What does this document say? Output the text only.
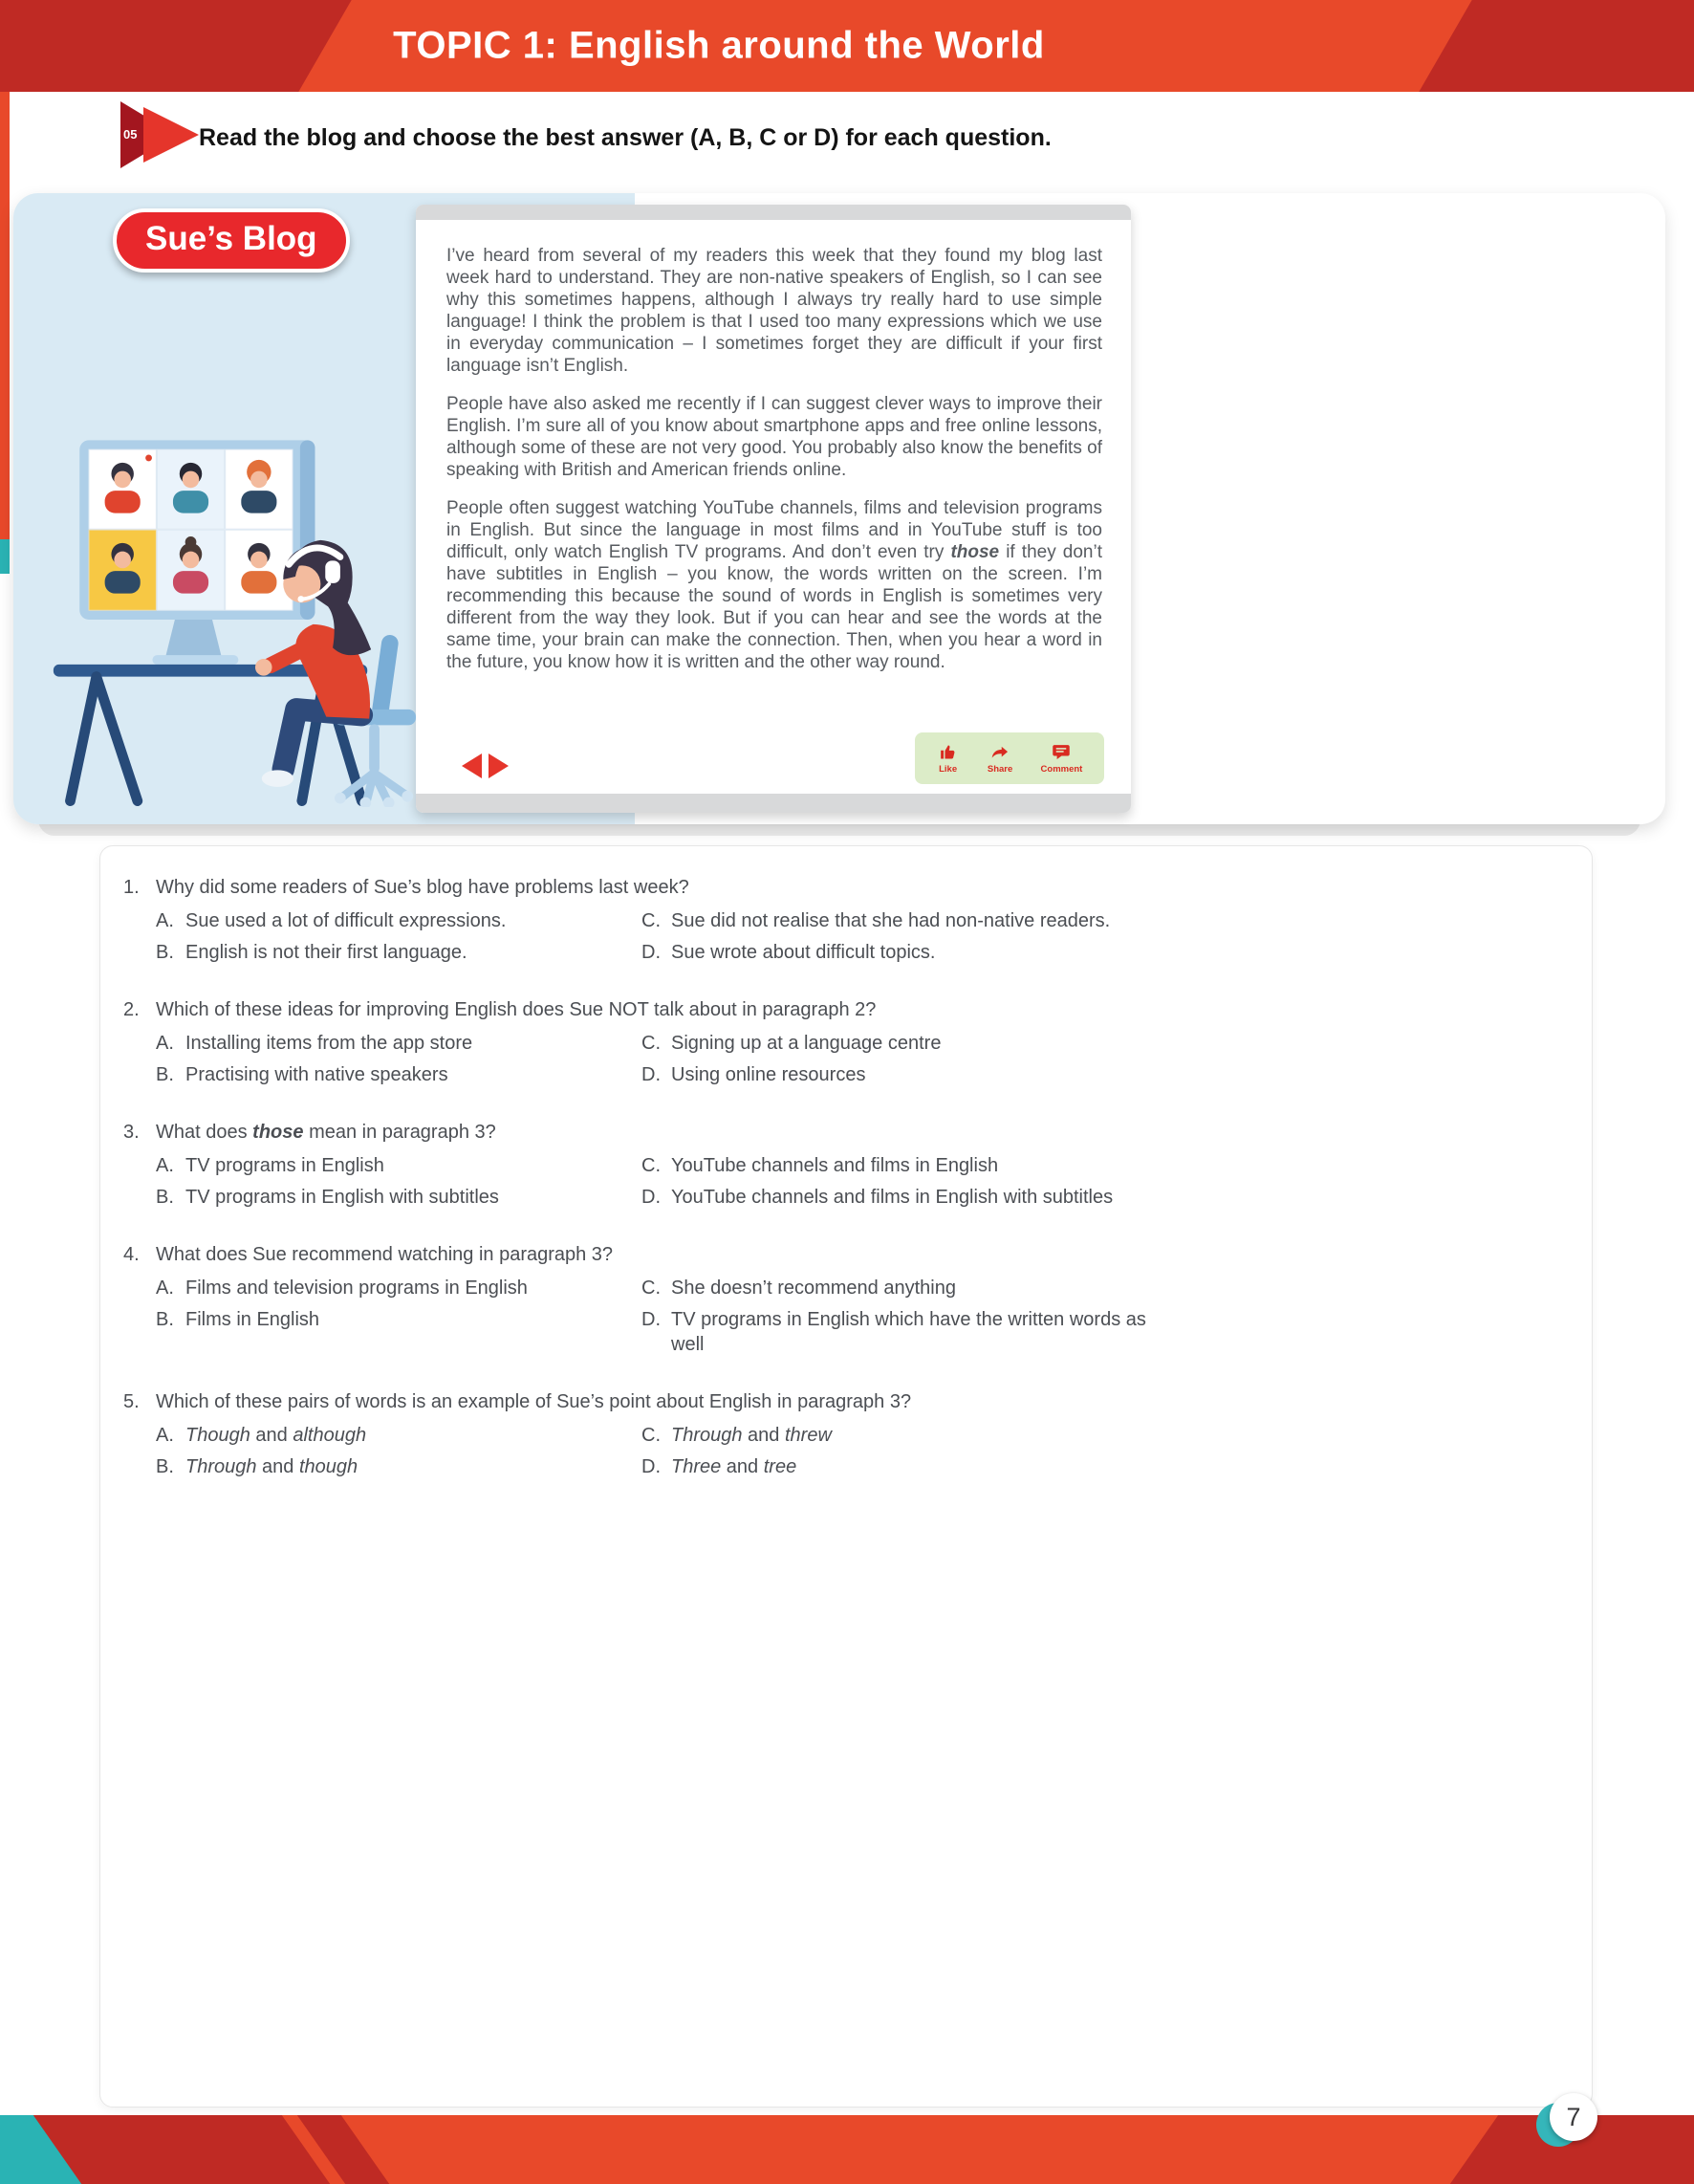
TOPIC 1: English around the World
05	Read the blog and choose the best answer (A, B, C or D) for each question.
Sue’s Blog	I’ve heard from several of my readers this week that they found my blog last week hard to understand. They are non-native speakers of English, so I can see why this sometimes happens, although I always try really hard to use simple language! I think the problem is that I used too many expressions which we use in everyday communication – I sometimes forget they are difficult if your first language isn’t English.

People have also asked me recently if I can suggest clever ways to improve their English. I’m sure all of you know about smartphone apps and free online lessons, although some of these are not very good. You probably also know the benefits of speaking with British and American friends online.

People often suggest watching YouTube channels, films and television programs in English. But since the language in most films and in YouTube stuff is too difficult, only watch English TV programs. And don’t even try those if they don’t have subtitles in English – you know, the words written on the screen. I’m recommending this because the sound of words in English is sometimes very different from the way they look. But if you can hear and see the words at the same time, your brain can make the connection. Then, when you hear a word in the future, you know how it is written and the other way round.

Like	Share	Comment
1. Why did some readers of Sue’s blog have problems last week?
A. Sue used a lot of difficult expressions.
B. English is not their first language.
C. Sue did not realise that she had non-native readers.
D. Sue wrote about difficult topics.
2. Which of these ideas for improving English does Sue NOT talk about in paragraph 2?
A. Installing items from the app store
B. Practising with native speakers
C. Signing up at a language centre
D. Using online resources
3. What does those mean in paragraph 3?
A. TV programs in English
B. TV programs in English with subtitles
C. YouTube channels and films in English
D. YouTube channels and films in English with subtitles
4. What does Sue recommend watching in paragraph 3?
A. Films and television programs in English
B. Films in English
C. She doesn’t recommend anything
D. TV programs in English which have the written words as well
5. Which of these pairs of words is an example of Sue’s point about English in paragraph 3?
A. Though and although
B. Through and though
C. Through and threw
D. Three and tree
7
